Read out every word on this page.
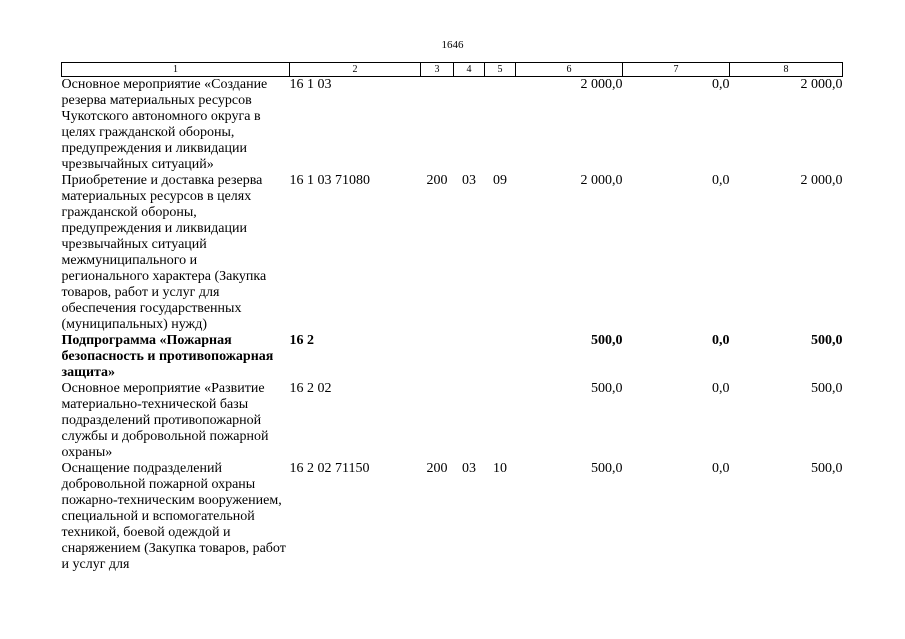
1646
1	2	3	4	5	6	7	8
Основное мероприятие «Создание резерва материальных ресурсов Чукотского автономного округа в целях гражданской обороны, предупреждения и ликвидации чрезвычайных ситуаций»	16 1 03				2 000,0	0,0	2 000,0
Приобретение и доставка резерва материальных ресурсов в целях гражданской обороны, предупреждения и ликвидации чрезвычайных ситуаций межмуниципального и регионального характера (Закупка товаров, работ и услуг для обеспечения государственных (муниципальных) нужд)	16 1 03 71080	200	03	09	2 000,0	0,0	2 000,0
Подпрограмма «Пожарная безопасность и противопожарная защита»	16 2				500,0	0,0	500,0
Основное мероприятие «Развитие материально-технической базы подразделений противопожарной службы и добровольной пожарной охраны»	16 2 02				500,0	0,0	500,0
Оснащение подразделений добровольной пожарной охраны пожарно-техническим вооружением, специальной и вспомогательной техникой, боевой одеждой и снаряжением (Закупка товаров, работ и услуг для	16 2 02 71150	200	03	10	500,0	0,0	500,0
